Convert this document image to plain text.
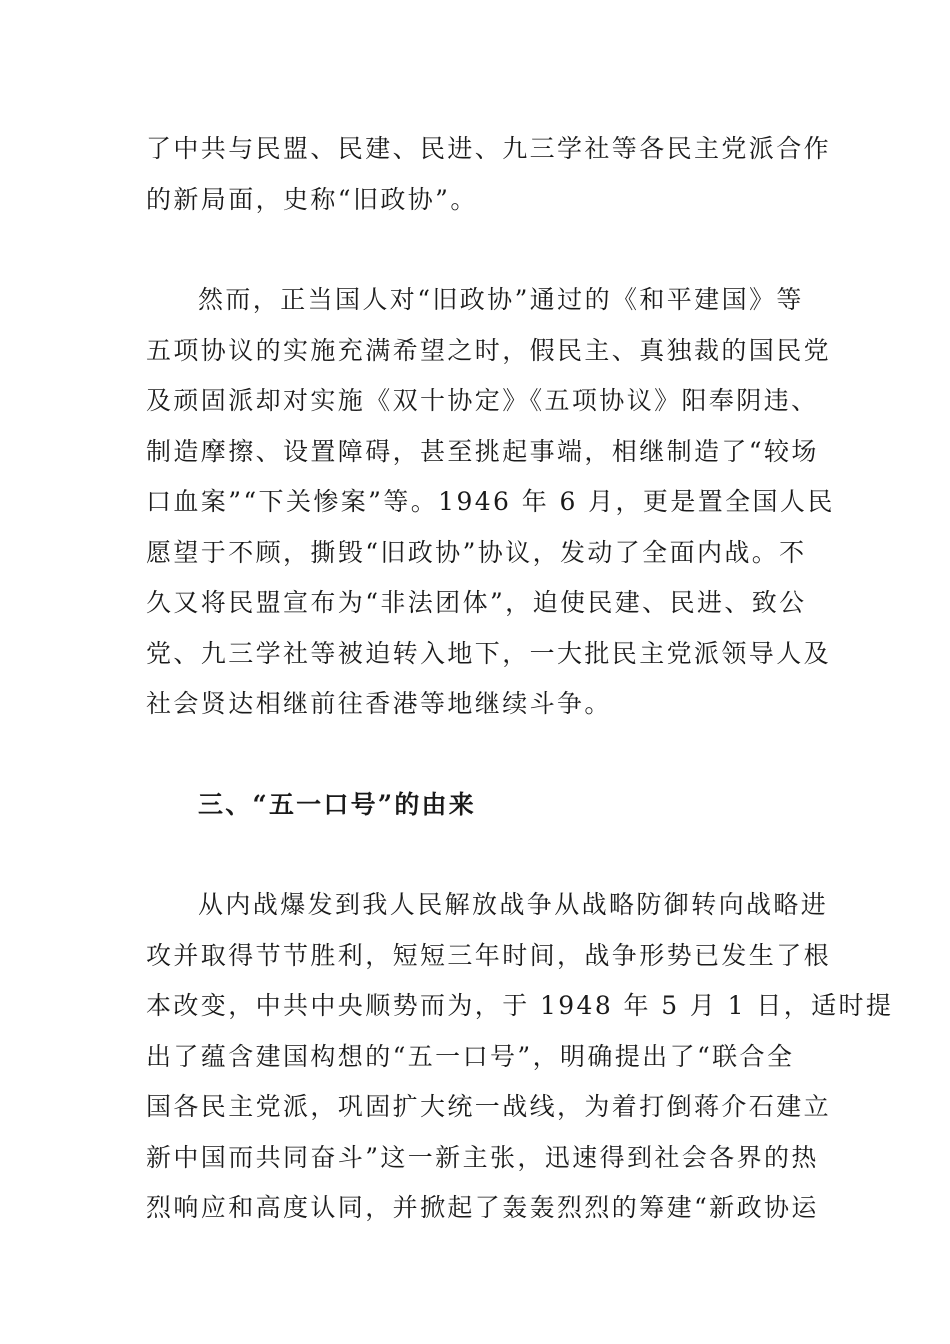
了中共与民盟、民建、民进、九三学社等各民主党派合作
的新局面，史称“旧政协”。
然而，正当国人对“旧政协”通过的《和平建国》等
五项协议的实施充满希望之时，假民主、真独裁的国民党
及顽固派却对实施《双十协定》《五项协议》阳奉阴违、
制造摩擦、设置障碍，甚至挑起事端，相继制造了“较场
口血案”“下关惨案”等。1946 年 6 月，更是置全国人民
愿望于不顾，撕毁“旧政协”协议，发动了全面内战。不
久又将民盟宣布为“非法团体”，迫使民建、民进、致公
党、九三学社等被迫转入地下，一大批民主党派领导人及
社会贤达相继前往香港等地继续斗争。
三、“五一口号”的由来
从内战爆发到我人民解放战争从战略防御转向战略进
攻并取得节节胜利，短短三年时间，战争形势已发生了根
本改变，中共中央顺势而为，于 1948 年 5 月 1 日，适时提
出了蕴含建国构想的“五一口号”，明确提出了“联合全
国各民主党派，巩固扩大统一战线，为着打倒蒋介石建立
新中国而共同奋斗”这一新主张，迅速得到社会各界的热
烈响应和高度认同，并掀起了轰轰烈烈的筹建“新政协运
